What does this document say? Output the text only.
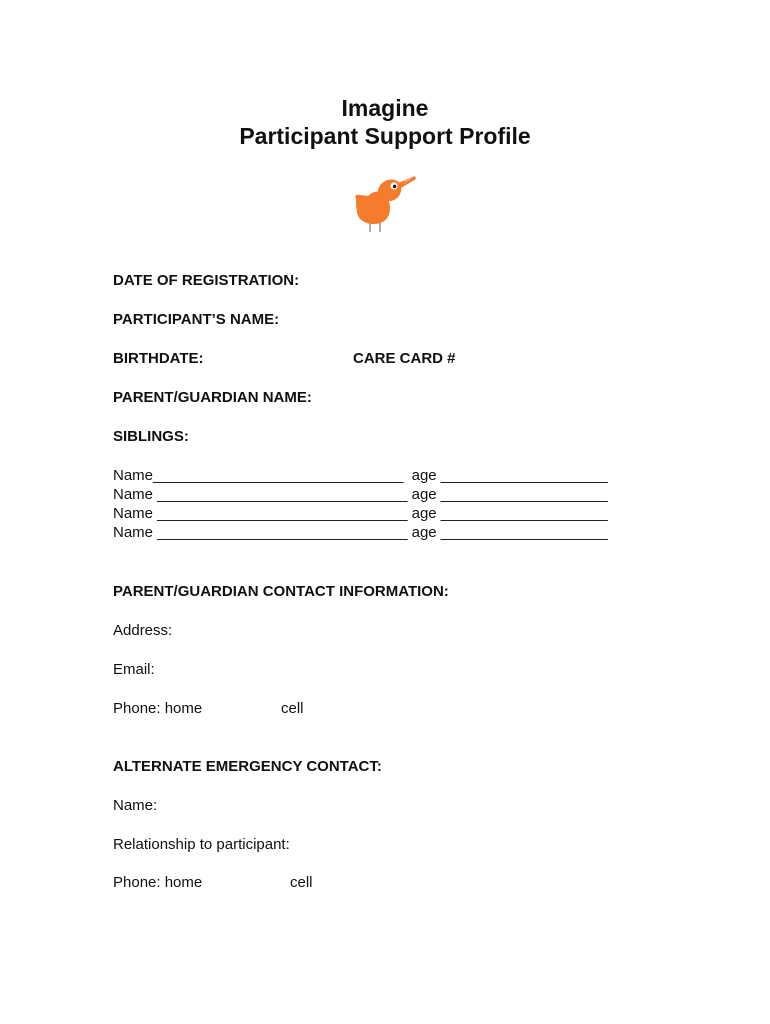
Imagine
Participant Support Profile
DATE OF REGISTRATION:
PARTICIPANT’S NAME:
BIRTHDATE:	CARE CARD #
PARENT/GUARDIAN NAME:
SIBLINGS:
Name______________________________  age ____________________
Name ______________________________ age ____________________
Name ______________________________ age ____________________
Name ______________________________ age ____________________
PARENT/GUARDIAN CONTACT INFORMATION:
Address:
Email:
Phone: home	cell
ALTERNATE EMERGENCY CONTACT:
Name:
Relationship to participant:
Phone: home	cell
